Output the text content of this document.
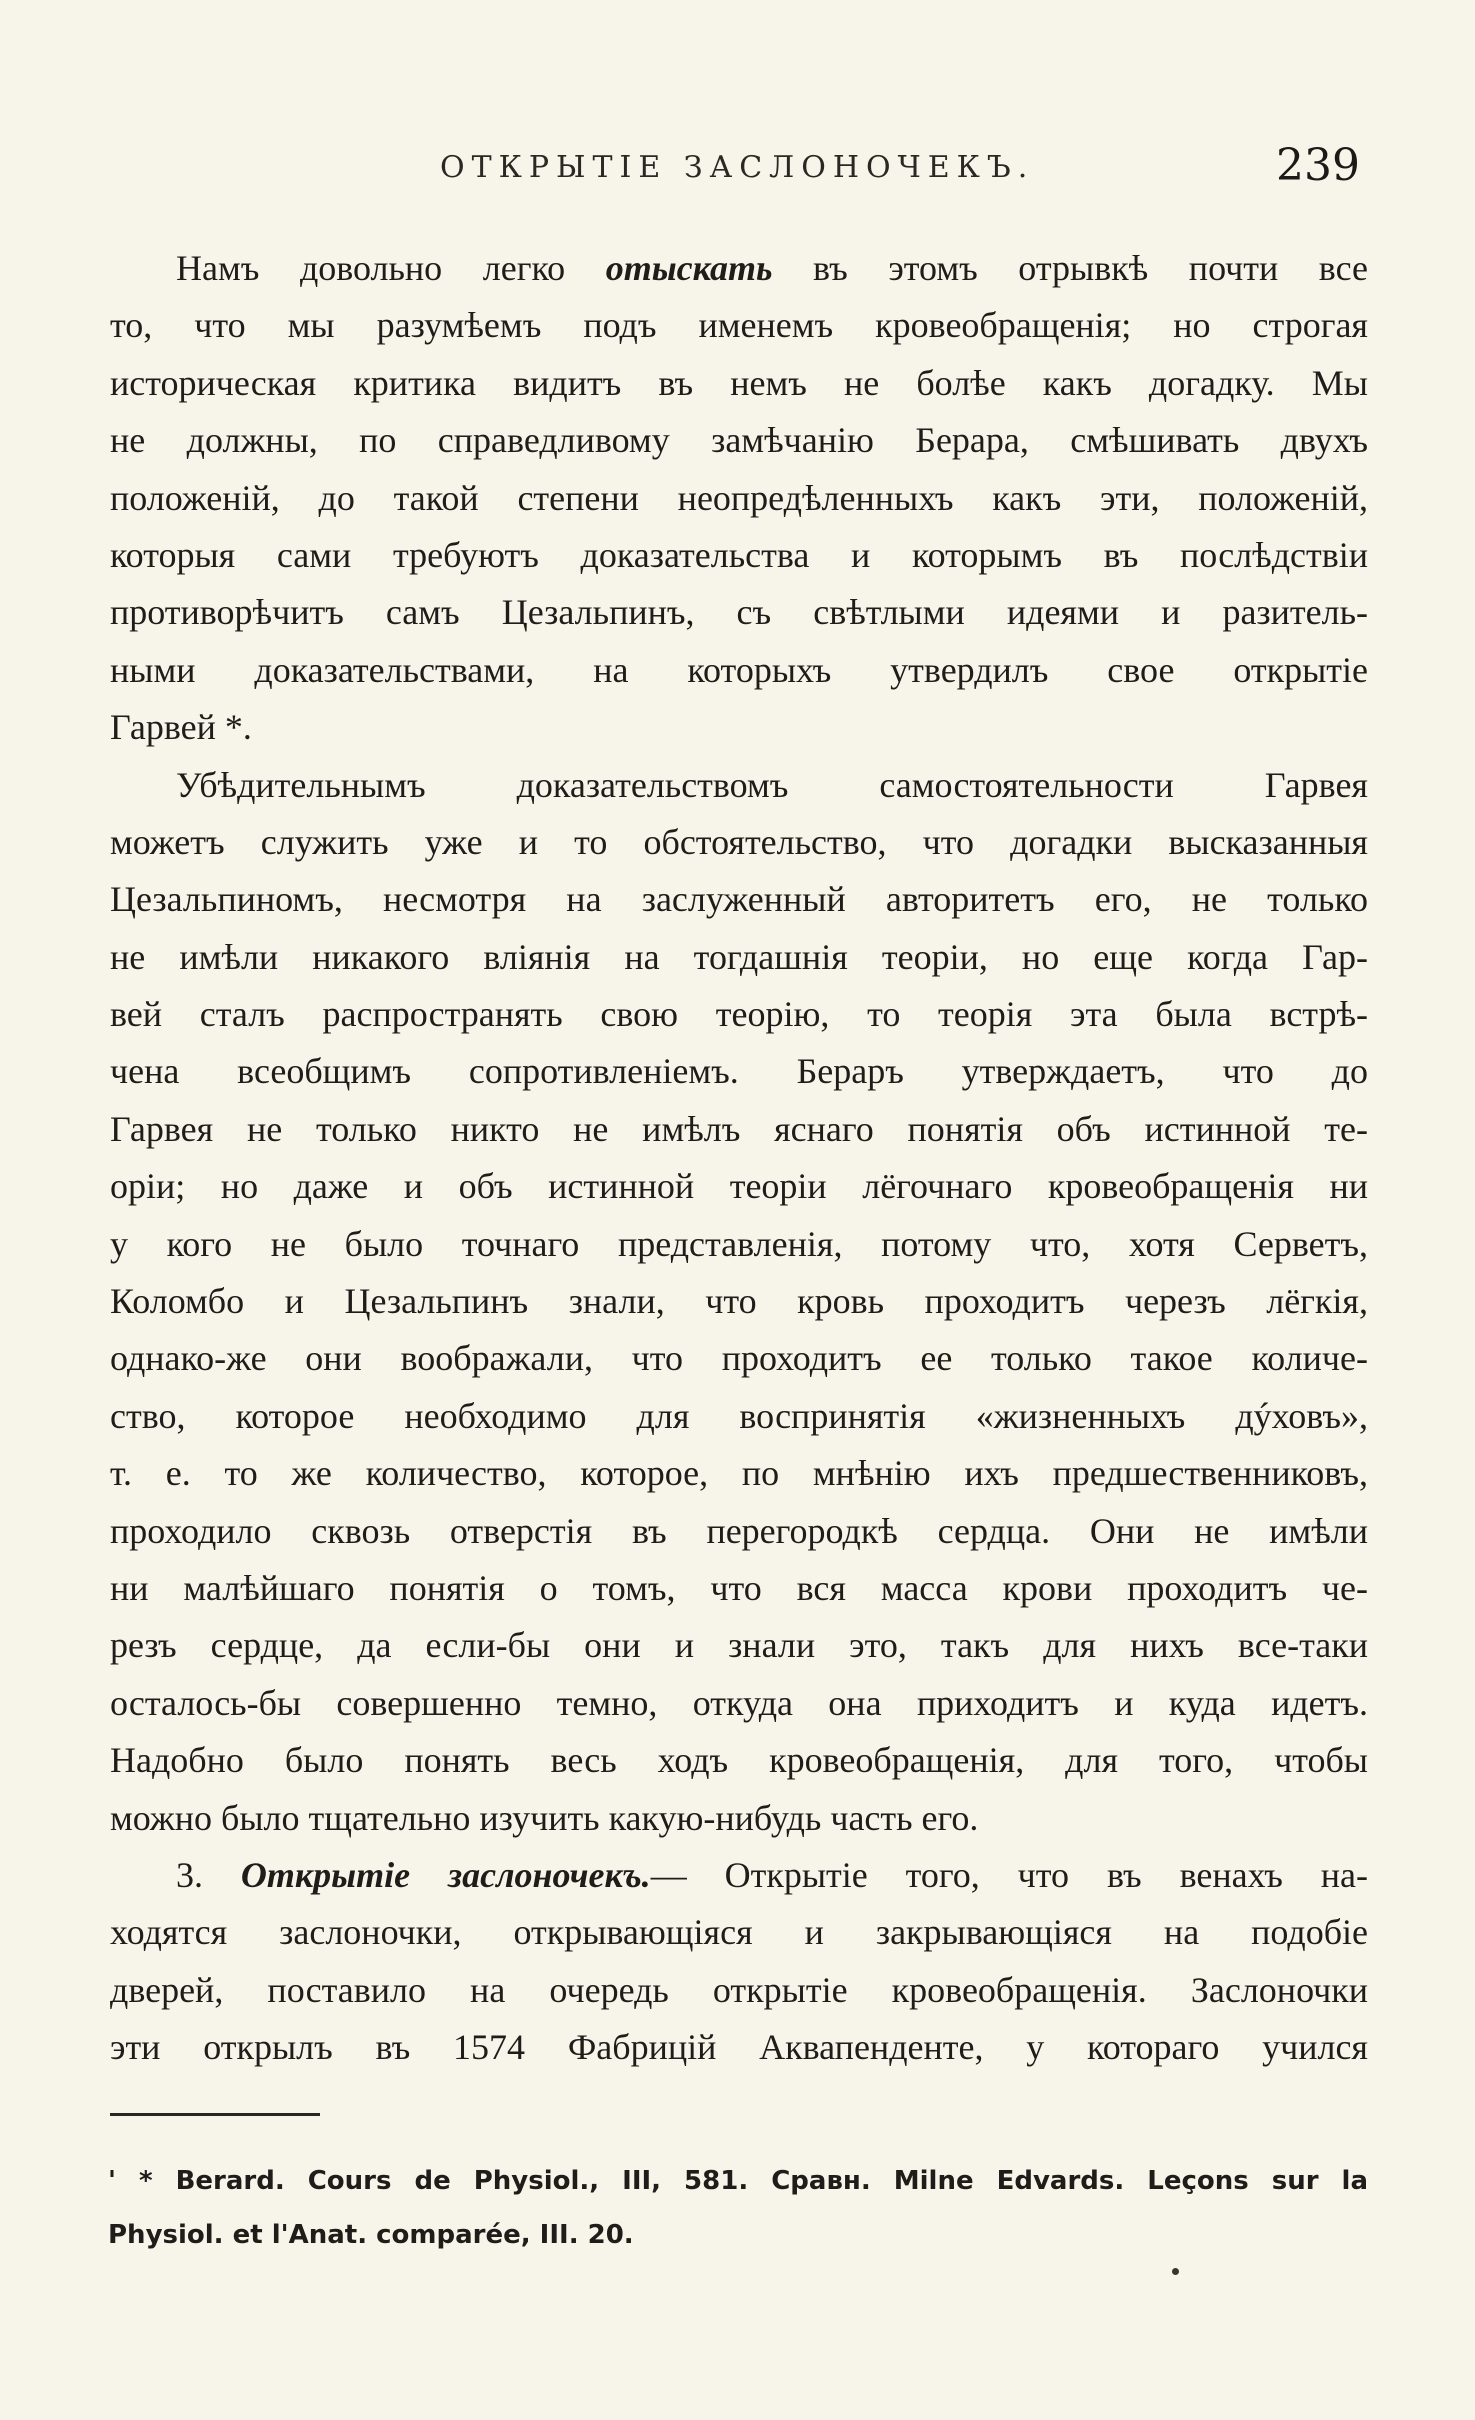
ОТКРЫТІЕ ЗАСЛОНОЧЕКЪ.	239
Намъ довольно легко отыскать въ этомъ отрывкѣ почти все
то, что мы разумѣемъ подъ именемъ кровеобращенія; но строгая
историческая критика видитъ въ немъ не болѣе какъ догадку. Мы
не должны, по справедливому замѣчанію Берара, смѣшивать двухъ
положеній, до такой степени неопредѣленныхъ какъ эти, положеній,
которыя сами требуютъ доказательства и которымъ въ послѣдствіи
противорѣчитъ самъ Цезальпинъ, съ свѣтлыми идеями и разитель-
ными доказательствами, на которыхъ утвердилъ свое открытіе
Гарвей *.
Убѣдительнымъ доказательствомъ самостоятельности Гарвея
можетъ служить уже и то обстоятельство, что догадки высказанныя
Цезальпиномъ, несмотря на заслуженный авторитетъ его, не только
не имѣли никакого вліянія на тогдашнія теоріи, но еще когда Гар-
вей сталъ распространять свою теорію, то теорія эта была встрѣ-
чена всеобщимъ сопротивленіемъ. Бераръ утверждаетъ, что до
Гарвея не только никто не имѣлъ яснаго понятія объ истинной те-
оріи; но даже и объ истинной теоріи лёгочнаго кровеобращенія ни
у кого не было точнаго представленія, потому что, хотя Серветъ,
Коломбо и Цезальпинъ знали, что кровь проходитъ черезъ лёгкія,
однако-же они воображали, что проходитъ ее только такое количе-
ство, которое необходимо для воспринятія «жизненныхъ дýховъ»,
т. е. то же количество, которое, по мнѣнію ихъ предшественниковъ,
проходило сквозь отверстія въ перегородкѣ сердца. Они не имѣли
ни малѣйшаго понятія о томъ, что вся масса крови проходитъ че-
резъ сердце, да если-бы они и знали это, такъ для нихъ все-таки
осталось-бы совершенно темно, откуда она приходитъ и куда идетъ.
Надобно было понять весь ходъ кровеобращенія, для того, чтобы
можно было тщательно изучить какую-нибудь часть его.
3. Открытіе заслоночекъ.— Открытіе того, что въ венахъ на-
ходятся заслоночки, открывающіяся и закрывающіяся на подобіе
дверей, поставило на очередь открытіе кровеобращенія. Заслоночки
эти открылъ въ 1574 Фабрицій Аквапенденте, у котораго учился
' * Berard. Cours de Physiol., III, 581. Сравн. Milne Edvards. Leçons sur la
Physiol. et l'Anat. comparée, III. 20.
